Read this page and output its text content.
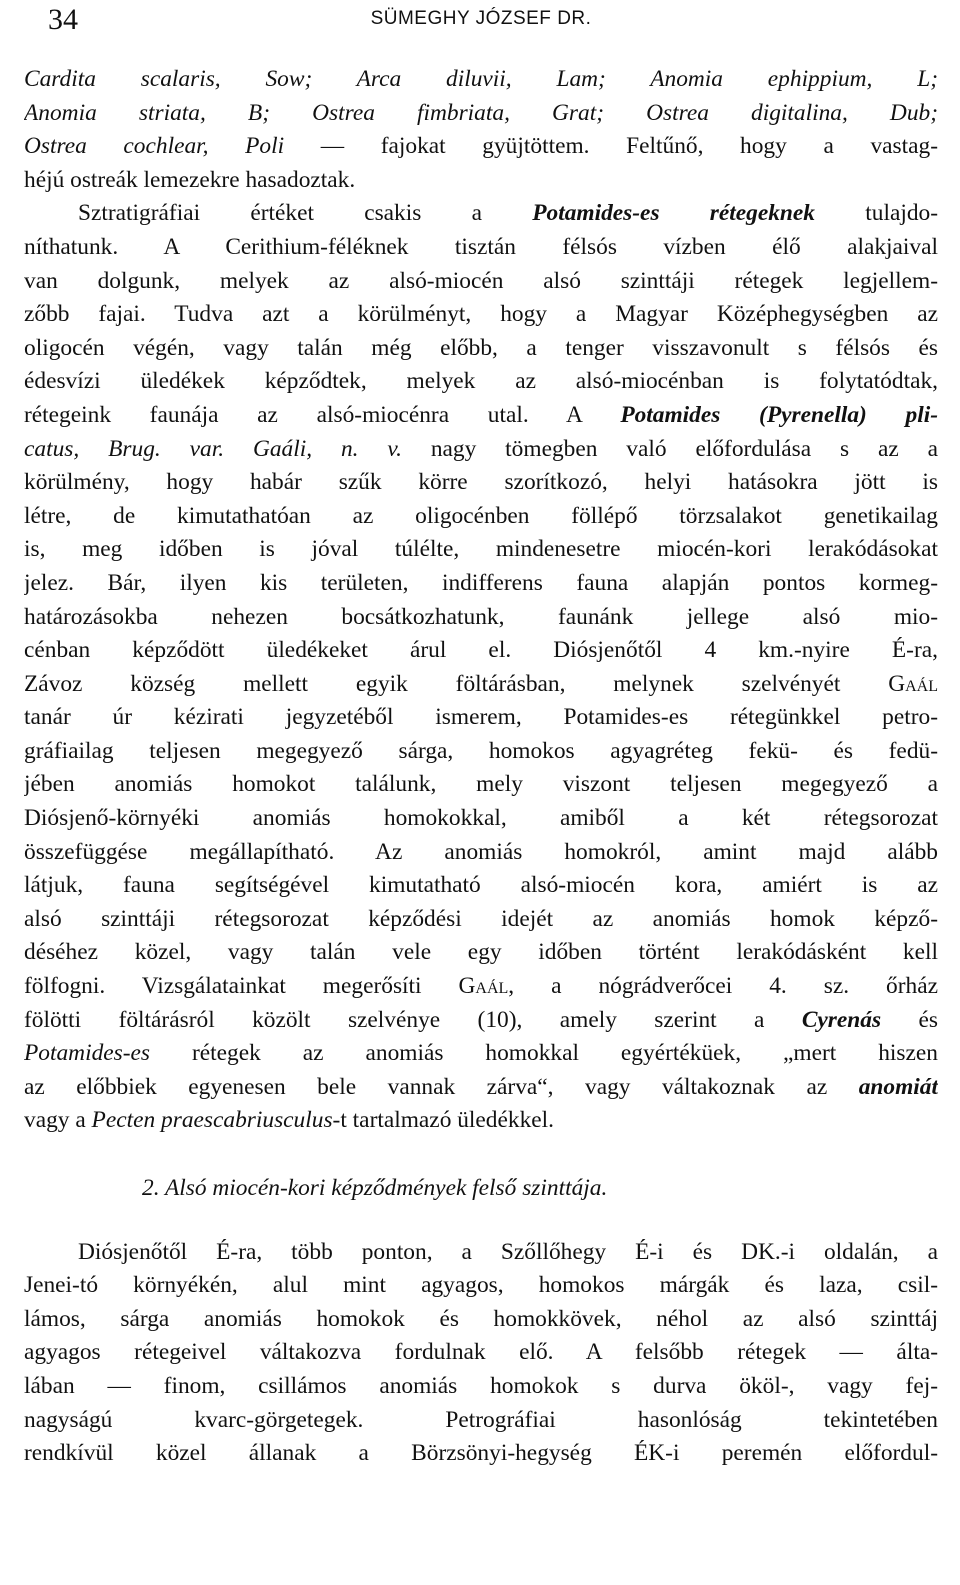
34	SÜMEGHY JÓZSEF DR.
Cardita scalaris, Sow; Arca diluvii, Lam; Anomia ephippium, L;
Anomia striata, B; Ostrea fimbriata, Grat; Ostrea digitalina, Dub;
Ostrea cochlear, Poli — fajokat gyüjtöttem. Feltűnő, hogy a vastag-
héjú ostreák lemezekre hasadoztak.
Sztratigráfiai értéket csakis a Potamides-es rétegeknek tulajdo-
níthatunk. A Cerithium-féléknek tisztán félsós vízben élő alakjaival
van dolgunk, melyek az alsó-miocén alsó szinttáji rétegek legjellem-
zőbb fajai. Tudva azt a körülményt, hogy a Magyar Középhegységben az
oligocén végén, vagy talán még előbb, a tenger visszavonult s félsós és
édesvízi üledékek képződtek, melyek az alsó-miocénban is folytatódtak,
rétegeink faunája az alsó-miocénra utal. A Potamides (Pyrenella) pli-
catus, Brug. var. Gaáli, n. v. nagy tömegben való előfordulása s az a
körülmény, hogy habár szűk körre szorítkozó, helyi hatásokra jött is
létre, de kimutathatóan az oligocénben föllépő törzsalakot genetikailag
is, meg időben is jóval túlélte, mindenesetre miocén-kori lerakódásokat
jelez. Bár, ilyen kis területen, indifferens fauna alapján pontos kormeg-
határozásokba nehezen bocsátkozhatunk, faunánk jellege alsó mio-
cénban képződött üledékeket árul el. Diósjenőtől 4 km.-nyire É-ra,
Závoz község mellett egyik föltárásban, melynek szelvényét Gaál
tanár úr kézirati jegyzetéből ismerem, Potamides-es rétegünkkel petro-
gráfiailag teljesen megegyező sárga, homokos agyagréteg fekü- és fedü-
jében anomiás homokot találunk, mely viszont teljesen megegyező a
Diósjenő-környéki anomiás homokokkal, amiből a két rétegsorozat
összefüggése megállapítható. Az anomiás homokról, amint majd alább
látjuk, fauna segítségével kimutatható alsó-miocén kora, amiért is az
alsó szinttáji rétegsorozat képződési idejét az anomiás homok képző-
déséhez közel, vagy talán vele egy időben történt lerakódásként kell
fölfogni. Vizsgálatainkat megerősíti Gaál, a nógrádverőcei 4. sz. őrház
fölötti föltárásról közölt szelvénye (10), amely szerint a Cyrenás és
Potamides-es rétegek az anomiás homokkal egyértéküek, „mert hiszen
az előbbiek egyenesen bele vannak zárva“, vagy váltakoznak az anomiát
vagy a Pecten praescabriusculus-t tartalmazó üledékkel.
2. Alsó miocén-kori képződmények felső szinttája.
Diósjenőtől É-ra, több ponton, a Szőllőhegy É-i és DK.-i oldalán, a
Jenei-tó környékén, alul mint agyagos, homokos márgák és laza, csil-
lámos, sárga anomiás homokok és homokkövek, néhol az alsó szinttáj
agyagos rétegeivel váltakozva fordulnak elő. A felsőbb rétegek — álta-
lában — finom, csillámos anomiás homokok s durva ököl-, vagy fej-
nagyságú kvarc-görgetegek. Petrográfiai hasonlóság tekintetében
rendkívül közel állanak a Börzsönyi-hegység ÉK-i peremén előfordul-
